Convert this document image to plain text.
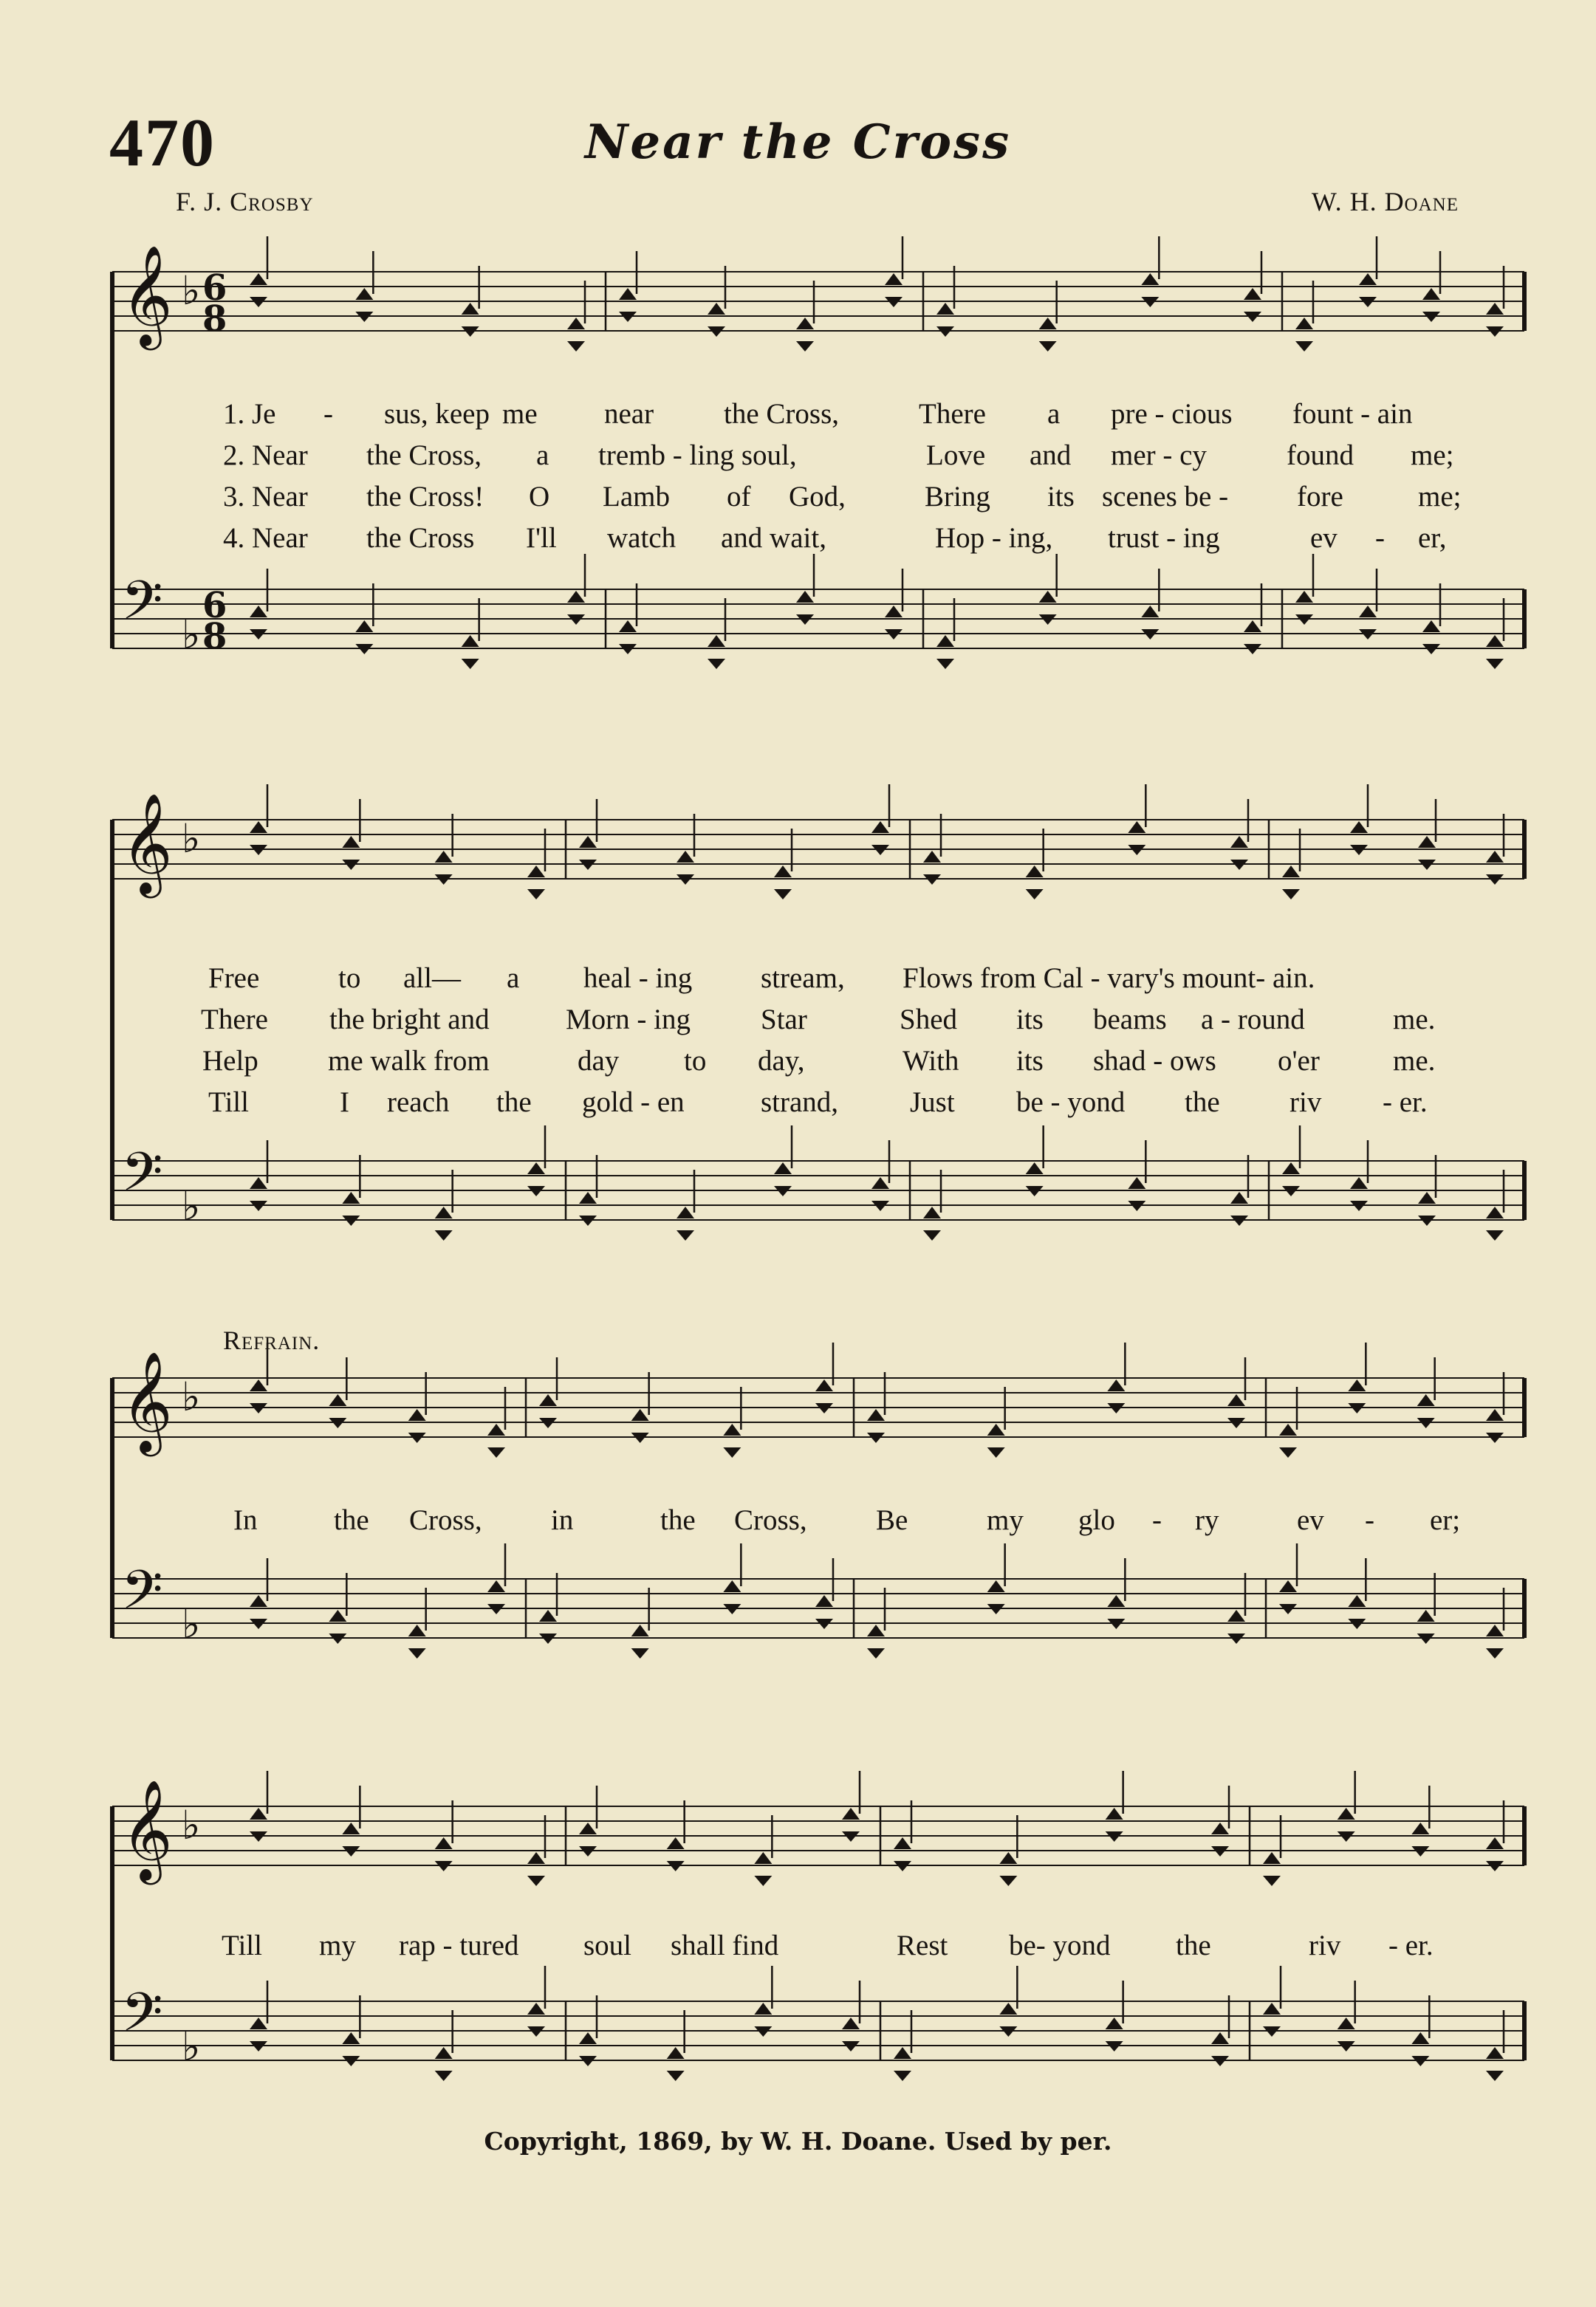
470	Near the Cross
F. J. Crosby	W. H. Doane
𝄞 ♭ 6
8
𝄢 ♭
6
8
1. Je - sus, keep me near the Cross,	There a pre - cious fount - ain
2. Near the Cross, a tremb - ling soul,	Love and mer - cy	found me;
3. Near the Cross! O Lamb of God,	Bring its scenes be - fore	me;
4. Near the Cross I'll watch and wait,	Hop - ing, trust - ing	ev - er,
𝄞 ♭
𝄢 ♭
Free	to all— a heal - ing stream, Flows from Cal - vary's mount- ain.
There the bright and	Morn - ing Star	Shed its beams a - round	me.
Help me walk from	day to day,	With its shad - ows o'er	me.
Till	I reach the gold - en	strand, Just be - yond the riv - er.
Refrain.
𝄞 ♭
𝄢 ♭
In	the Cross, in	the Cross, Be	my glo - ry	ev - er;
𝄞 ♭
𝄢 ♭
Till my rap - tured soul shall find	Rest be- yond the	riv - er.
Copyright, 1869, by W. H. Doane. Used by per.
